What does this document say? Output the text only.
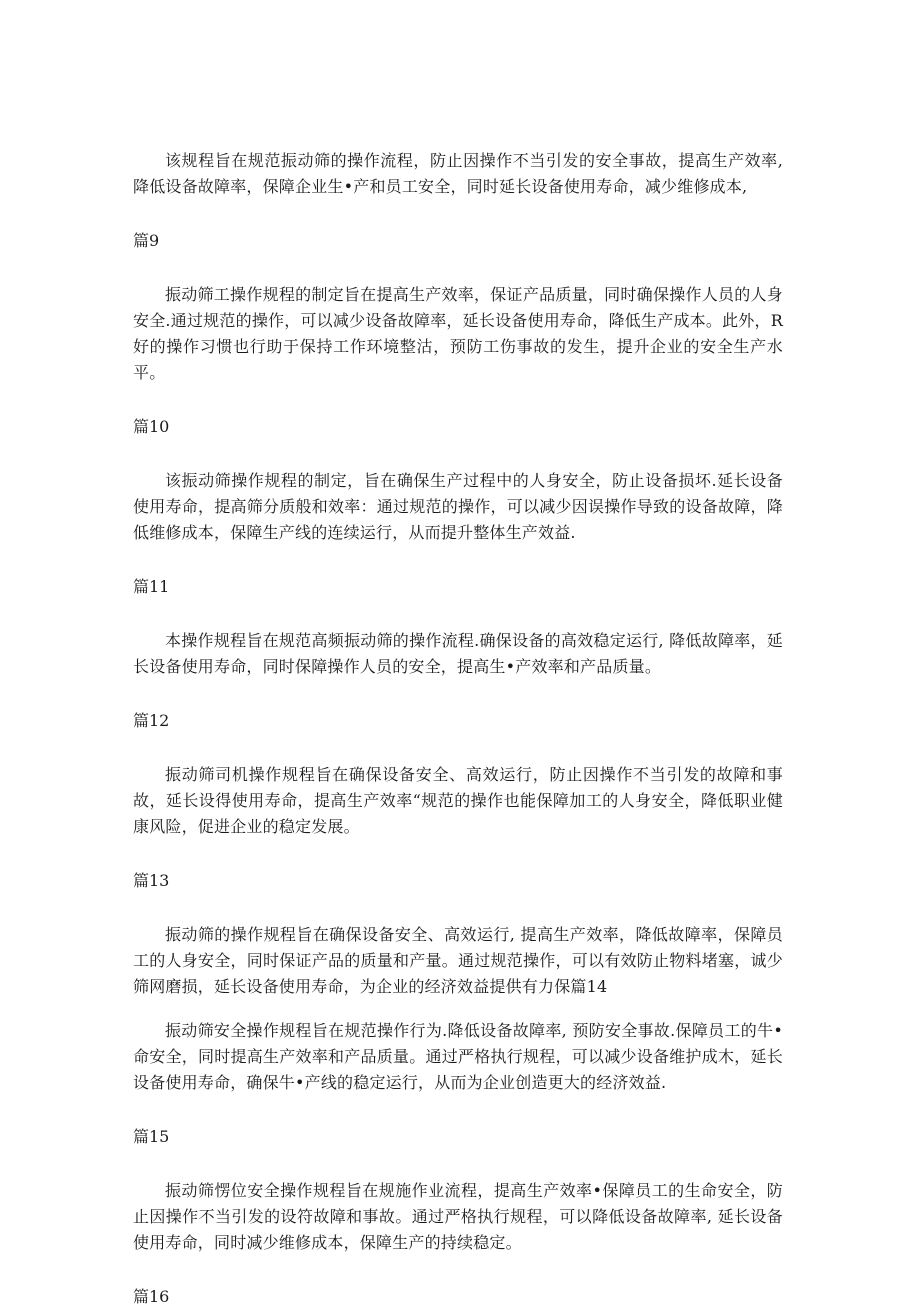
该规程旨在规范振动筛的操作流程，防止因操作不当引发的安全事故，提高生产效率, 降低设备故障率，保障企业生•产和员工安全，同时延长设备使用寿命，减少维修成本,

篇9

振动筛工操作规程的制定旨在提高生产效率，保证产品质量，同时确保操作人员的人身安全.通过规范的操作，可以减少设备故障率，延长设备使用寿命，降低生产成本。此外，R好的操作习惯也行助于保持工作环境整沽，预防工伤事故的发生，提升企业的安全生产水平。

篇10

该振动筛操作规程的制定，旨在确保生产过程中的人身安全，防止设备损坏.延长设备使用寿命，提高筛分质般和效率：通过规范的操作，可以减少因误操作导致的设备故障，降低维修成本，保障生产线的连续运行，从而提升整体生产效益.

篇11

本操作规程旨在规范高频振动筛的操作流程.确保设备的高效稳定运行, 降低故障率，延长设备使用寿命，同时保障操作人员的安全，提高生•产效率和产品质量。

篇12

振动筛司机操作规程旨在确保设备安全、高效运行，防止因操作不当引发的故障和事故，延长设得使用寿命，提高生产效率“规范的操作也能保障加工的人身安全，降低职业健康风险，促进企业的稳定发展。

篇13

振动筛的操作规程旨在确保设备安全、高效运行, 提高生产效率，降低故障率，保障员工的人身安全，同时保证产品的质量和产量。通过规范操作，可以有效防止物料堵塞，诚少筛网磨损，延长设备使用寿命，为企业的经济效益提供有力保篇14

振动筛安全操作规程旨在规范操作行为.降低设备故障率, 预防安全事故.保障员工的牛•命安全，同时提高生产效率和产品质量。通过严格执行规程，可以减少设备维护成木，延长设备使用寿命，确保牛•产线的稳定运行，从而为企业创造更大的经济效益.

篇15

振动筛愣位安全操作规程旨在规施作业流程，提高生产效率•保障员工的生命安全，防止因操作不当引发的设符故障和事故。通过严格执行规程，可以降低设备故障率, 延长设备使用寿命，同时减少维修成本，保障生产的持续稳定。

篇16
